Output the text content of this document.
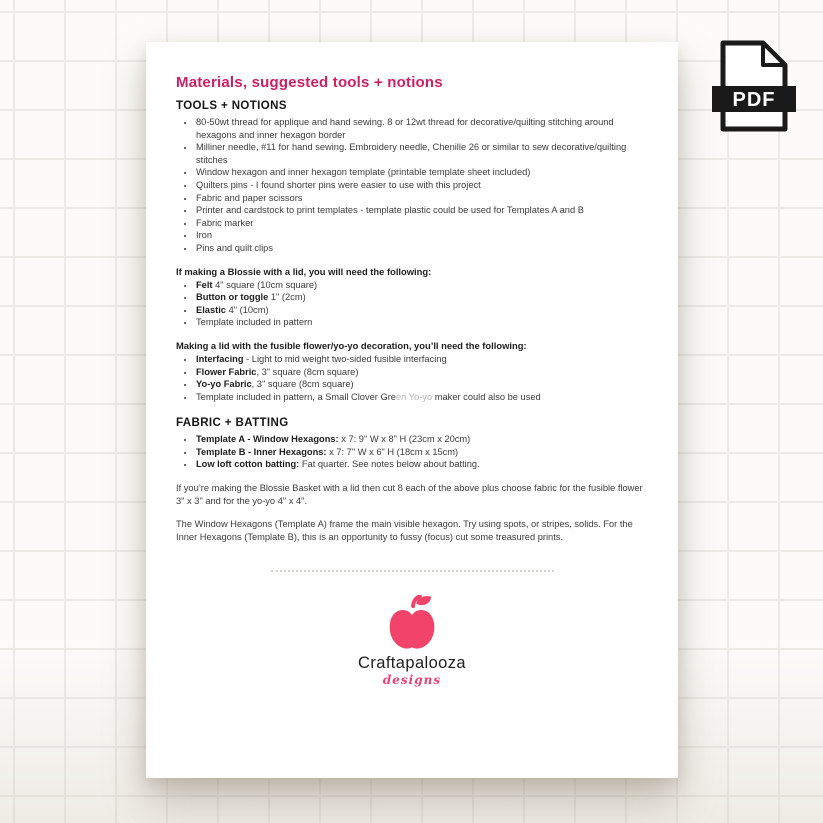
Materials, suggested tools + notions
TOOLS + NOTIONS
• 80-50wt thread for applique and hand sewing. 8 or 12wt thread for decorative/quilting stitching around hexagons and inner hexagon border
• Milliner needle, #11 for hand sewing. Embroidery needle, Chenille 26 or similar to sew decorative/quilting stitches
• Window hexagon and inner hexagon template (printable template sheet included)
• Quilters pins - I found shorter pins were easier to use with this project
• Fabric and paper scissors
• Printer and cardstock to print templates - template plastic could be used for Templates A and B
• Fabric marker
• Iron
• Pins and quilt clips

If making a Blossie with a lid, you will need the following:

• Felt 4" square (10cm square)
• Button or toggle 1" (2cm)
• Elastic 4" (10cm)
• Template included in pattern

Making a lid with the fusible flower/yo-yo decoration, you’ll need the following:

• Interfacing - Light to mid weight two-sided fusible interfacing
• Flower Fabric, 3" square (8cm square)
• Yo-yo Fabric, 3" square (8cm square)
• Template included in pattern, a Small Clover Green Yo-yo maker could also be used
FABRIC + BATTING
• Template A - Window Hexagons: x 7: 9" W x 8" H (23cm x 20cm)
• Template B - Inner Hexagons: x 7: 7" W x 6" H (18cm x 15cm)
• Low loft cotton batting: Fat quarter. See notes below about batting.

If you’re making the Blossie Basket with a lid then cut 8 each of the above plus choose fabric for the fusible flower 3" x 3" and for the yo-yo 4" x 4".

The Window Hexagons (Template A) frame the main visible hexagon. Try using spots, or stripes, solids. For the Inner Hexagons (Template B), this is an opportunity to fussy (focus) cut some treasured prints.

Craftapalooza
designs
PDF
